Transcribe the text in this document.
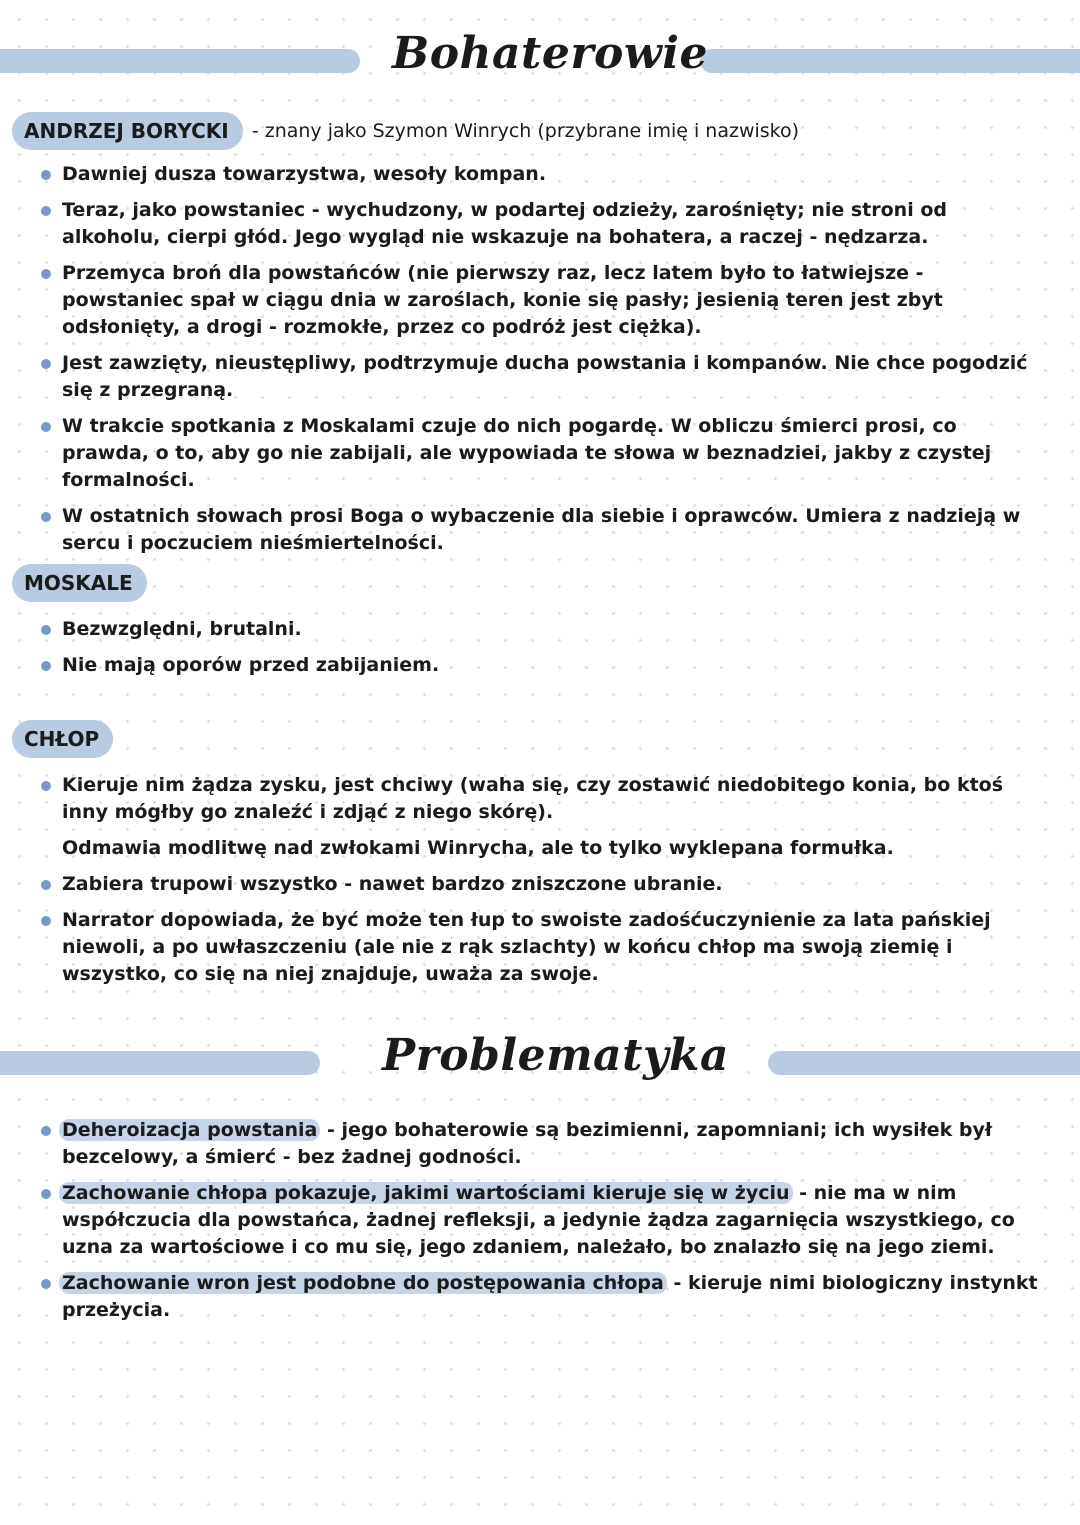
Bohaterowie
ANDRZEJ BORYCKI - znany jako Szymon Winrych (przybrane imię i nazwisko)
Dawniej dusza towarzystwa, wesoły kompan.
Teraz, jako powstaniec - wychudzony, w podartej odzieży, zarośnięty; nie stroni od alkoholu, cierpi głód. Jego wygląd nie wskazuje na bohatera, a raczej - nędzarza.
Przemyca broń dla powstańców (nie pierwszy raz, lecz latem było to łatwiejsze - powstaniec spał w ciągu dnia w zaroślach, konie się pasły; jesienią teren jest zbyt odsłonięty, a drogi - rozmokłe, przez co podróż jest ciężka).
Jest zawzięty, nieustępliwy, podtrzymuje ducha powstania i kompanów. Nie chce pogodzić się z przegraną.
W trakcie spotkania z Moskalami czuje do nich pogardę. W obliczu śmierci prosi, co prawda, o to, aby go nie zabijali, ale wypowiada te słowa w beznadziei, jakby z czystej formalności.
W ostatnich słowach prosi Boga o wybaczenie dla siebie i oprawców. Umiera z nadzieją w sercu i poczuciem nieśmiertelności.
MOSKALE
Bezwzględni, brutalni.
Nie mają oporów przed zabijaniem.
CHŁOP
Kieruje nim żądza zysku, jest chciwy (waha się, czy zostawić niedobitego konia, bo ktoś inny mógłby go znaleźć i zdjąć z niego skórę).
Odmawia modlitwę nad zwłokami Winrycha, ale to tylko wyklepana formułka.
Zabiera trupowi wszystko - nawet bardzo zniszczone ubranie.
Narrator dopowiada, że być może ten łup to swoiste zadośćuczynienie za lata pańskiej niewoli, a po uwłaszczeniu (ale nie z rąk szlachty) w końcu chłop ma swoją ziemię i wszystko, co się na niej znajduje, uważa za swoje.
Problematyka
Deheroizacja powstania - jego bohaterowie są bezimienni, zapomniani; ich wysiłek był bezcelowy, a śmierć - bez żadnej godności.
Zachowanie chłopa pokazuje, jakimi wartościami kieruje się w życiu - nie ma w nim współczucia dla powstańca, żadnej refleksji, a jedynie żądza zagarnięcia wszystkiego, co uzna za wartościowe i co mu się, jego zdaniem, należało, bo znalazło się na jego ziemi.
Zachowanie wron jest podobne do postępowania chłopa - kieruje nimi biologiczny instynkt przeżycia.
